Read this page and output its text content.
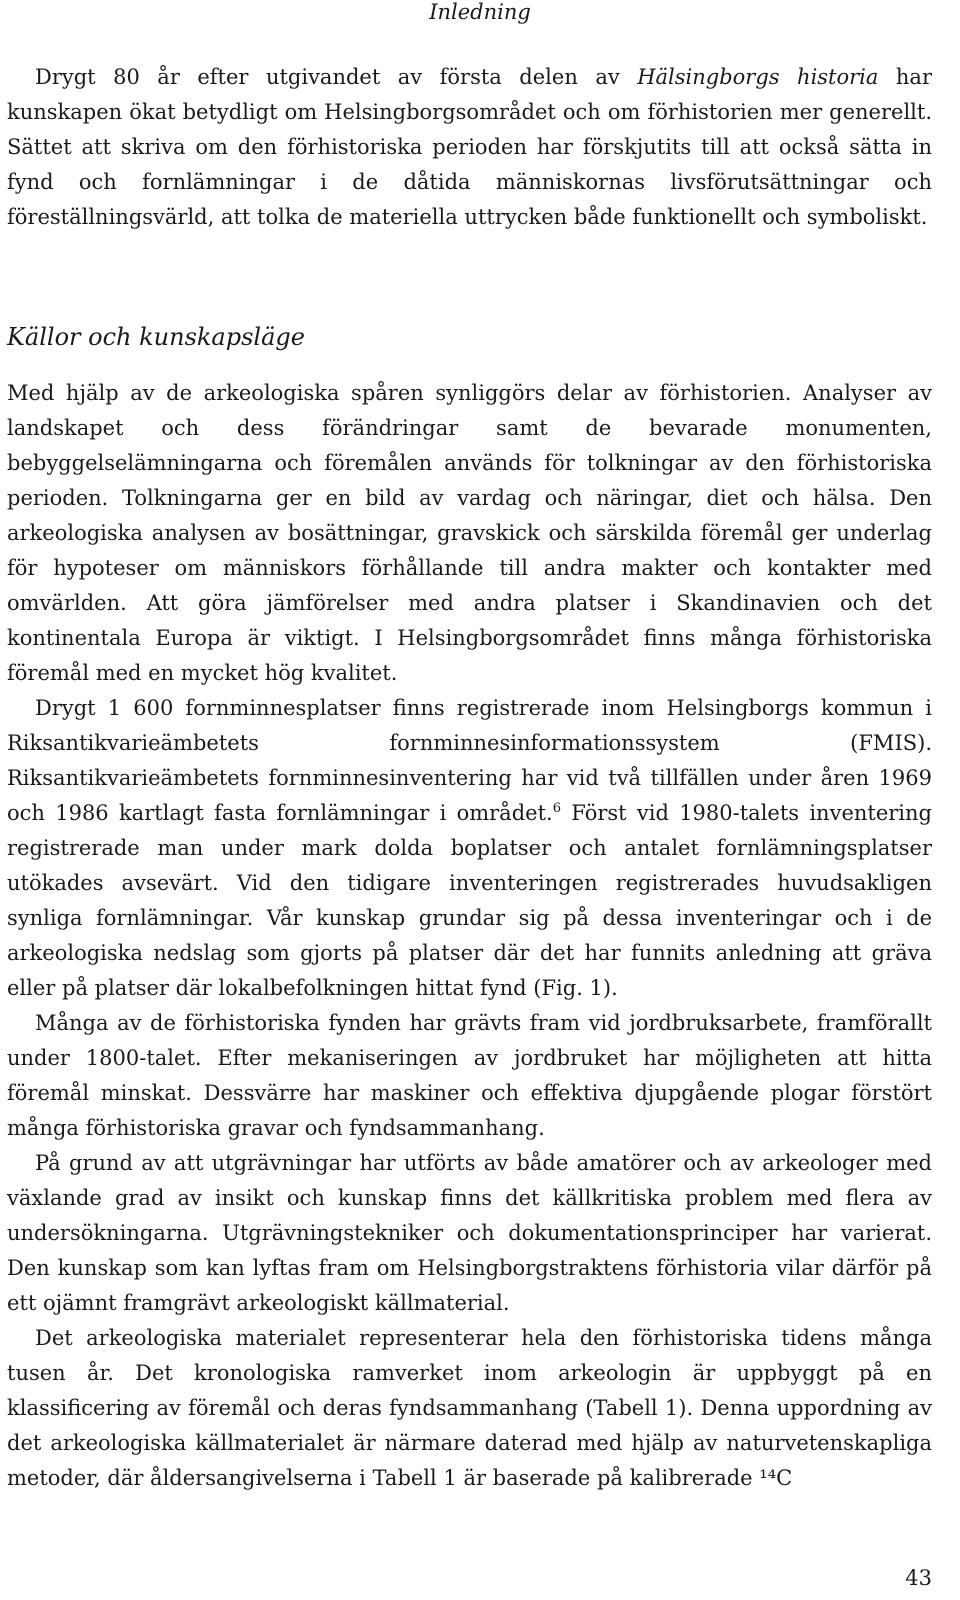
Inledning

Drygt 80 år efter utgivandet av första delen av Hälsingborgs historia har kunskapen ökat betydligt om Helsingborgsområdet och om förhistorien mer generellt. Sättet att skriva om den förhistoriska perioden har förskjutits till att också sätta in fynd och fornlämningar i de dåtida människornas livsförutsättningar och föreställningsvärld, att tolka de materiella uttrycken både funktionellt och symboliskt.

Källor och kunskapsläge

Med hjälp av de arkeologiska spåren synliggörs delar av förhistorien. Analyser av landskapet och dess förändringar samt de bevarade monumenten, bebyggelselämningarna och föremålen används för tolkningar av den förhistoriska perioden. Tolkningarna ger en bild av vardag och näringar, diet och hälsa. Den arkeologiska analysen av bosättningar, gravskick och särskilda föremål ger underlag för hypoteser om människors förhållande till andra makter och kontakter med omvärlden. Att göra jämförelser med andra platser i Skandinavien och det kontinentala Europa är viktigt. I Helsingborgsområdet finns många förhistoriska föremål med en mycket hög kvalitet.

Drygt 1 600 fornminnesplatser finns registrerade inom Helsingborgs kommun i Riksantikvarieämbetets fornminnesinformationssystem (FMIS). Riksantikvarieämbetets fornminnesinventering har vid två tillfällen under åren 1969 och 1986 kartlagt fasta fornlämningar i området.$^6$ Först vid 1980-talets inventering registrerade man under mark dolda boplatser och antalet fornlämningsplatser utökades avsevärt. Vid den tidigare inventeringen registrerades huvudsakligen synliga fornlämningar. Vår kunskap grundar sig på dessa inventeringar och i de arkeologiska nedslag som gjorts på platser där det har funnits anledning att gräva eller på platser där lokalbefolkningen hittat fynd (Fig. 1).

Många av de förhistoriska fynden har grävts fram vid jordbruksarbete, framförallt under 1800-talet. Efter mekaniseringen av jordbruket har möjligheten att hitta föremål minskat. Dessvärre har maskiner och effektiva djupgående plogar förstört många förhistoriska gravar och fyndsammanhang.

På grund av att utgrävningar har utförts av både amatörer och av arkeologer med växlande grad av insikt och kunskap finns det källkritiska problem med flera av undersökningarna. Utgrävningstekniker och dokumentationsprinciper har varierat. Den kunskap som kan lyftas fram om Helsingborgstraktens förhistoria vilar därför på ett ojämnt framgrävt arkeologiskt källmaterial.

Det arkeologiska materialet representerar hela den förhistoriska tidens många tusen år. Det kronologiska ramverket inom arkeologin är uppbyggt på en klassificering av föremål och deras fyndsammanhang (Tabell 1). Denna uppordning av det arkeologiska källmaterialet är närmare daterad med hjälp av naturvetenskapliga metoder, där åldersangivelserna i Tabell 1 är baserade på kalibrerade ¹⁴C

43
